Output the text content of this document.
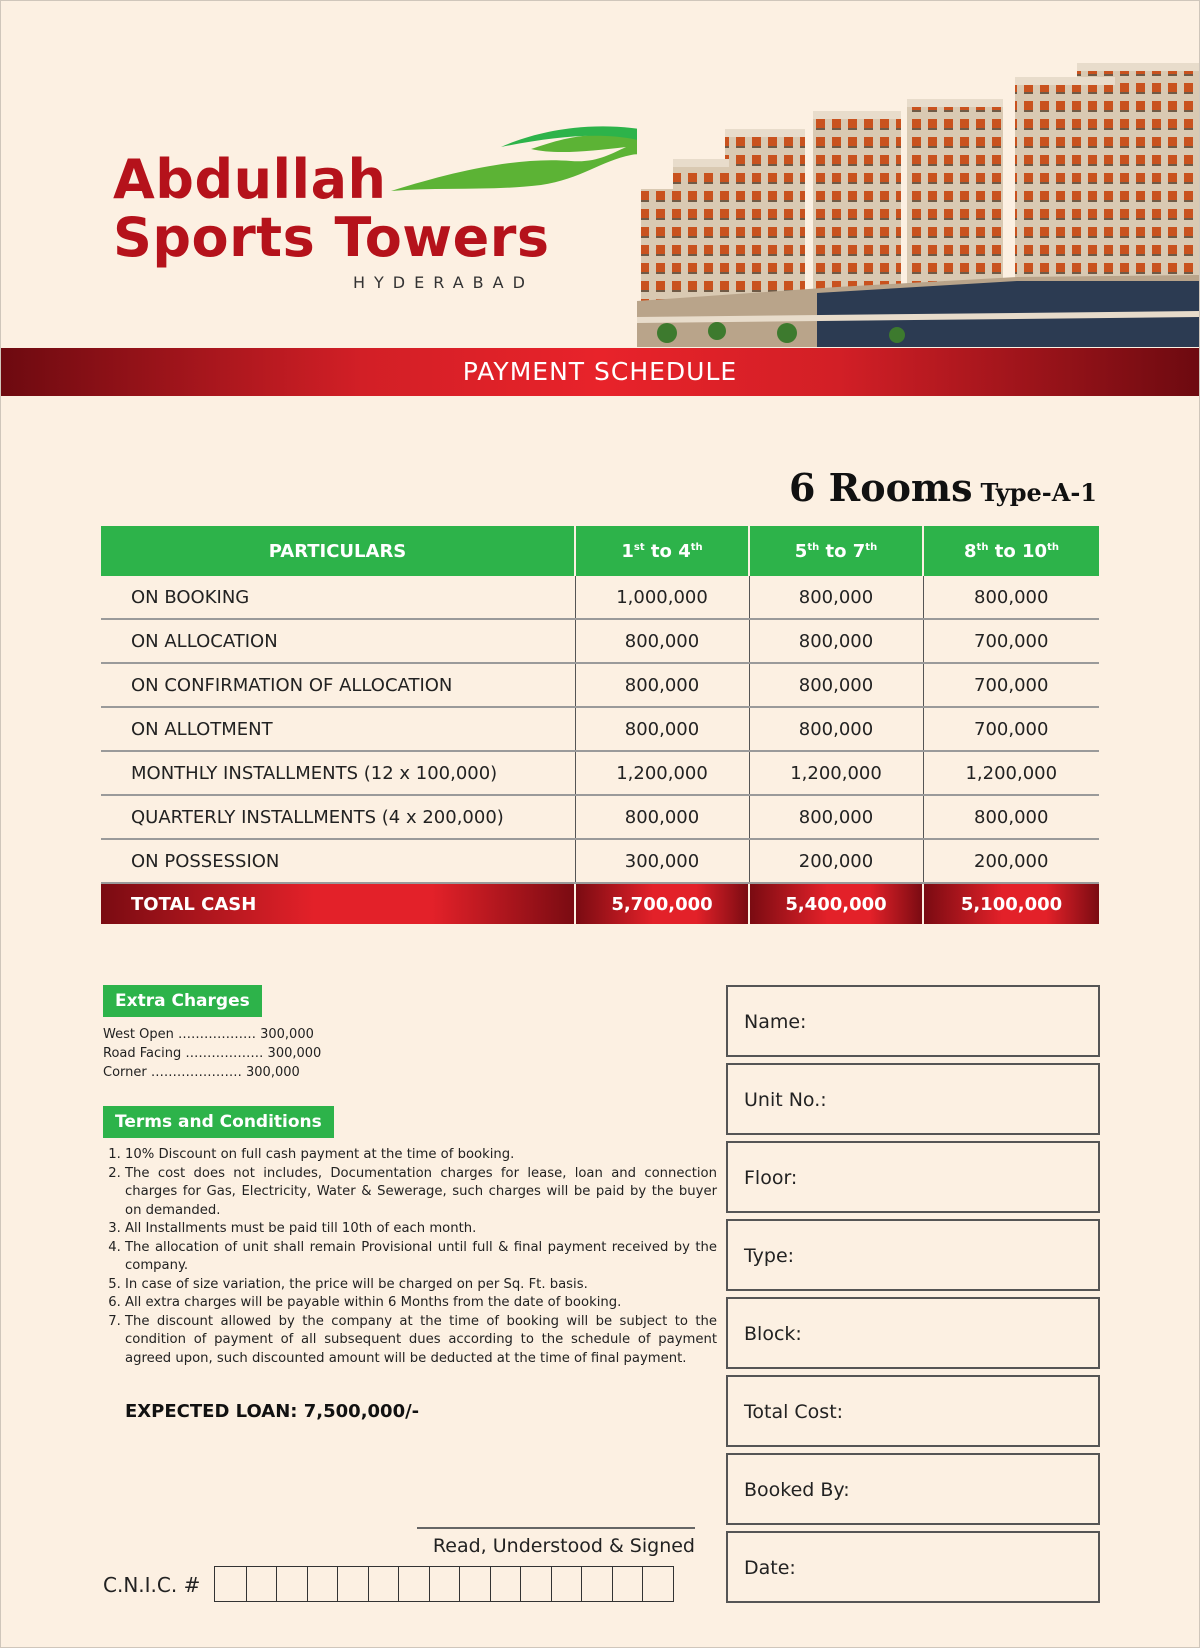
Abdullah
Sports Towers
HYDERABAD
PAYMENT SCHEDULE
6 Rooms Type-A-1
PARTICULARS	1st to 4th	5th to 7th	8th to 10th
ON BOOKING	1,000,000	800,000	800,000
ON ALLOCATION	800,000	800,000	700,000
ON CONFIRMATION OF ALLOCATION	800,000	800,000	700,000
ON ALLOTMENT	800,000	800,000	700,000
MONTHLY INSTALLMENTS (12 x 100,000)	1,200,000	1,200,000	1,200,000
QUARTERLY INSTALLMENTS (4 x 200,000)	800,000	800,000	800,000
ON POSSESSION	300,000	200,000	200,000
TOTAL CASH	5,700,000	5,400,000	5,100,000
Extra Charges
West Open ……………… 300,000
Road Facing ……………… 300,000
Corner ………………… 300,000
Terms and Conditions
1. 10% Discount on full cash payment at the time of booking.
2. The cost does not includes, Documentation charges for lease, loan and connection charges for Gas, Electricity, Water & Sewerage, such charges will be paid by the buyer on demanded.
3. All Installments must be paid till 10th of each month.
4. The allocation of unit shall remain Provisional until full & final payment received by the company.
5. In case of size variation, the price will be charged on per Sq. Ft. basis.
6. All extra charges will be payable within 6 Months from the date of booking.
7. The discount allowed by the company at the time of booking will be subject to the condition of payment of all subsequent dues according to the schedule of payment agreed upon, such discounted amount will be deducted at the time of final payment.
EXPECTED LOAN: 7,500,000/-
Read, Understood & Signed
C.N.I.C. #
Name:
Unit No.:
Floor:
Type:
Block:
Total Cost:
Booked By:
Date:
